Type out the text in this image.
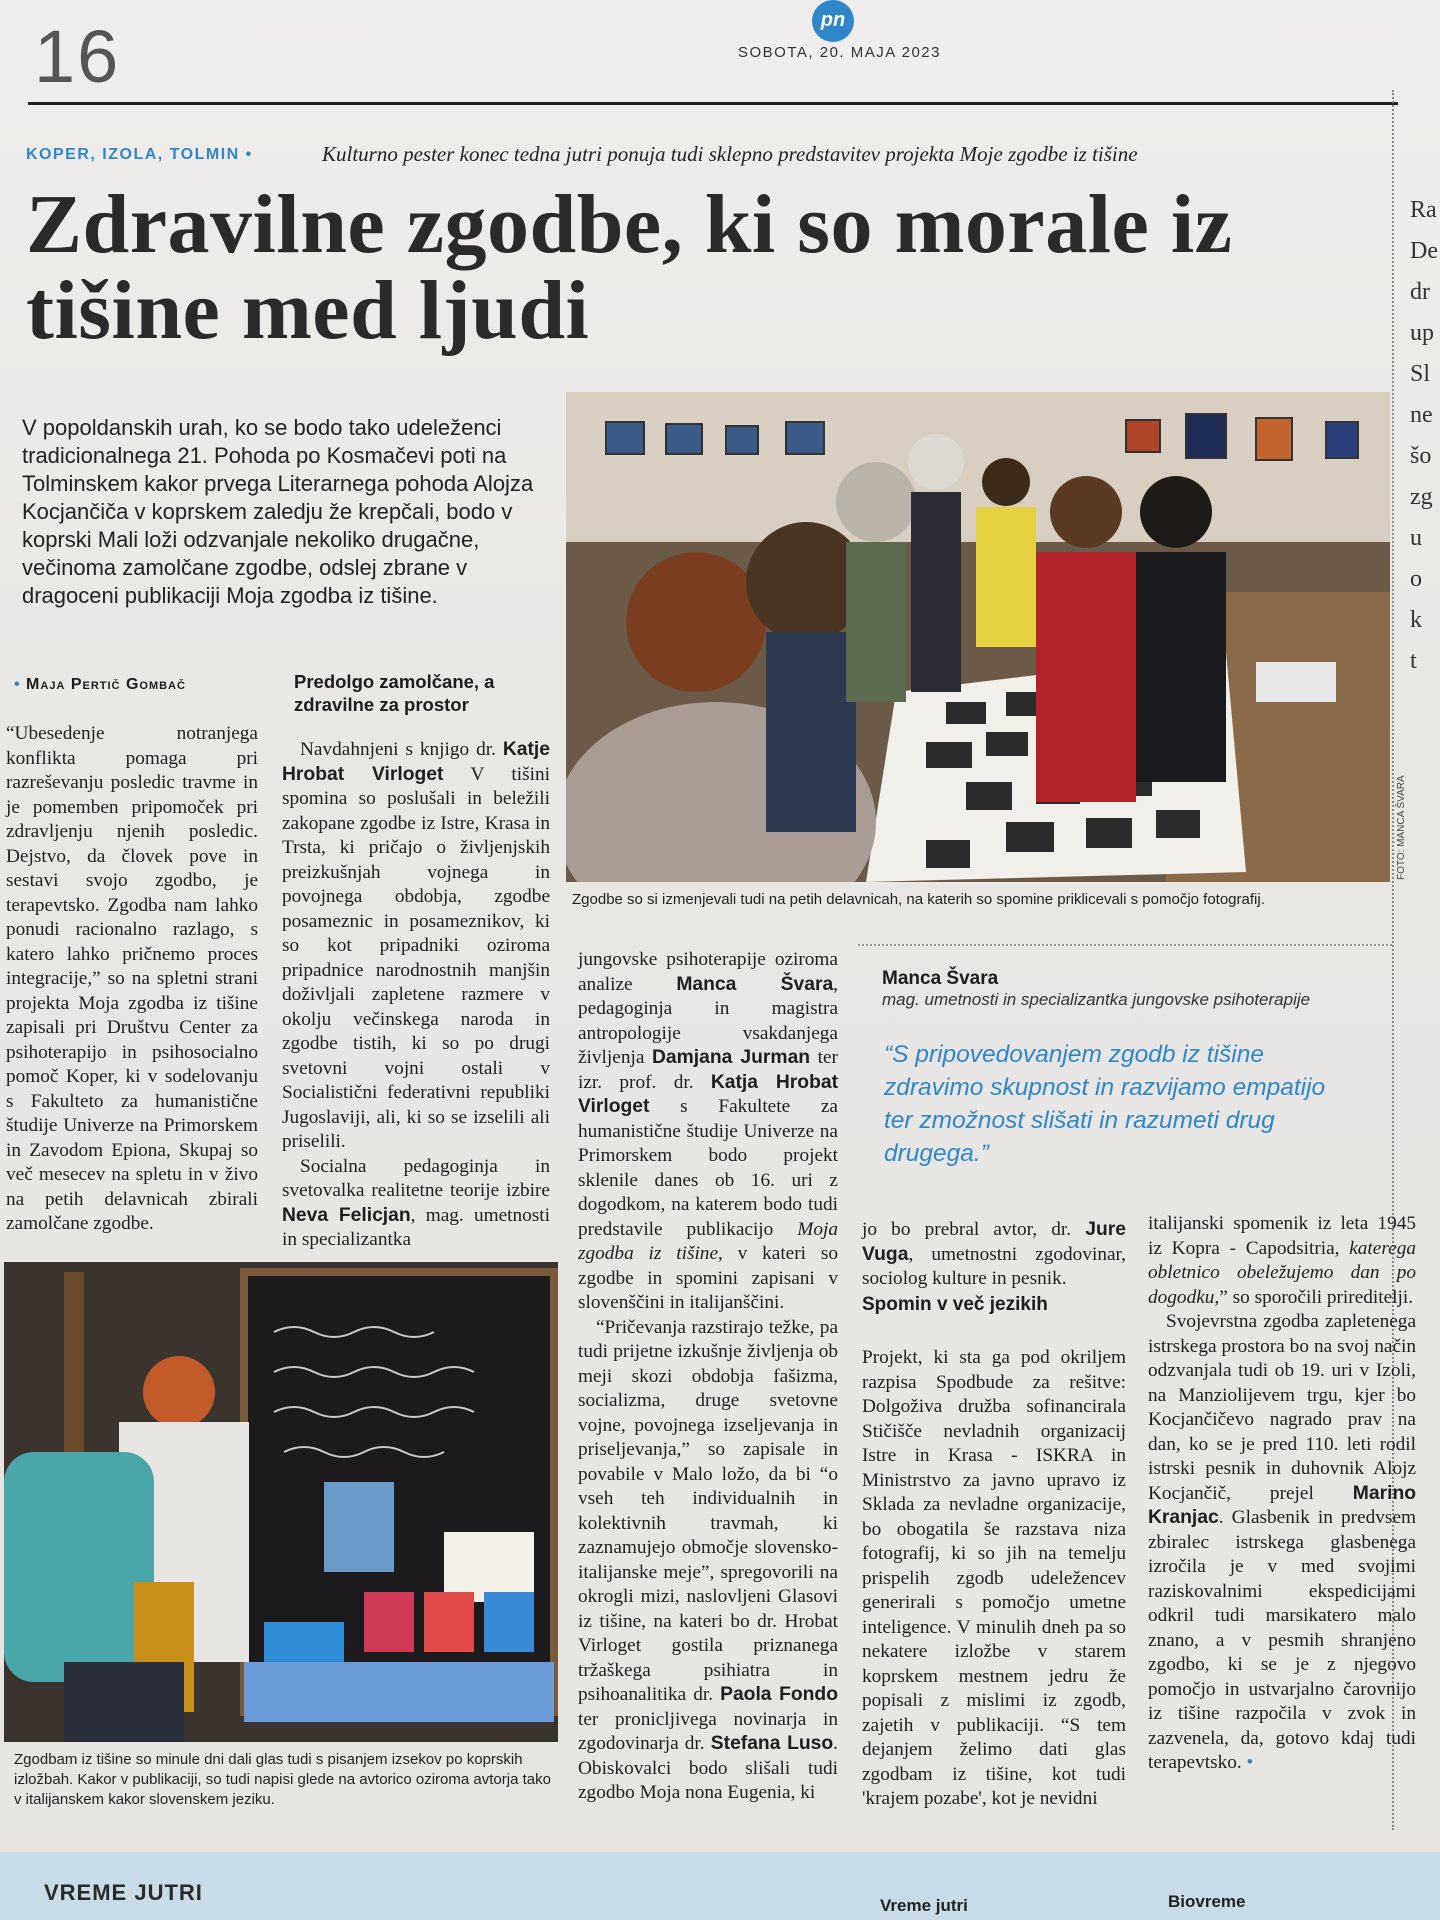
16	pn
SOBOTA, 20. MAJA 2023
Ra
De
dr
up
Sl
ne
šo
zg
u
o
k
t
KOPER, IZOLA, TOLMIN •	Kulturno pester konec tedna jutri ponuja tudi sklepno predstavitev projekta Moje zgodbe iz tišine
Zdravilne zgodbe, ki so morale iz tišine med ljudi
V popoldanskih urah, ko se bodo tako udeleženci tradicionalnega 21. Pohoda po Kosmačevi poti na Tolminskem kakor prvega Literarnega pohoda Alojza Kocjančiča v koprskem zaledju že krepčali, bodo v koprski Mali loži odzvanjale nekoliko drugačne, večinoma zamolčane zgodbe, odslej zbrane v dragoceni publikaciji Moja zgodba iz tišine.
• Maja Pertič Gombač
“Ubesedenje notranjega konflikta pomaga pri razreševanju posledic travme in je pomemben pripomoček pri zdravljenju njenih posledic. Dejstvo, da človek pove in sestavi svojo zgodbo, je terapevtsko. Zgodba nam lahko ponudi racionalno razlago, s katero lahko pričnemo proces integracije,” so na spletni strani projekta Moja zgodba iz tišine zapisali pri Društvu Center za psihoterapijo in psihosocialno pomoč Koper, ki v sodelovanju s Fakulteto za humanistične študije Univerze na Primorskem in Zavodom Epiona, Skupaj so več mesecev na spletu in v živo na petih delavnicah zbirali zamolčane zgodbe.
Predolgo zamolčane, a zdravilne za prostor
Navdahnjeni s knjigo dr. Katje Hrobat Virloget V tišini spomina so poslušali in beležili zakopane zgodbe iz Istre, Krasa in Trsta, ki pričajo o življenjskih preizkušnjah vojnega in povojnega obdobja, zgodbe posameznic in posameznikov, ki so kot pripadniki oziroma pripadnice narodnostnih manjšin doživljali zapletene razmere v okolju večinskega naroda in zgodbe tistih, ki so po drugi svetovni vojni ostali v Socialistični federativni republiki Jugoslaviji, ali, ki so se izselili ali priselili.
Socialna pedagoginja in svetovalka realitetne teorije izbire Neva Felicjan, mag. umetnosti in specializantka
FOTO: MANCA ŠVARA
Zgodbe so si izmenjevali tudi na petih delavnicah, na katerih so spomine priklicevali s pomočjo fotografij.
Manca Švara
mag. umetnosti in specializantka jungovske psihoterapije
“S pripovedovanjem zgodb iz tišine zdravimo skupnost in razvijamo empatijo ter zmožnost slišati in razumeti drug drugega.”
jungovske psihoterapije oziroma analize Manca Švara, pedagoginja in magistra antropologije vsakdanjega življenja Damjana Jurman ter izr. prof. dr. Katja Hrobat Virloget s Fakultete za humanistične študije Univerze na Primorskem bodo projekt sklenile danes ob 16. uri z dogodkom, na katerem bodo tudi predstavile publikacijo Moja zgodba iz tišine, v kateri so zgodbe in spomini zapisani v slovenščini in italijanščini.
“Pričevanja razstirajo težke, pa tudi prijetne izkušnje življenja ob meji skozi obdobja fašizma, socializma, druge svetovne vojne, povojnega izseljevanja in priseljevanja,” so zapisale in povabile v Malo ložo, da bi “o vseh teh individualnih in kolektivnih travmah, ki zaznamujejo območje slovensko-italijanske meje”, spregovorili na okrogli mizi, naslovljeni Glasovi iz tišine, na kateri bo dr. Hrobat Virloget gostila priznanega tržaškega psihiatra in psihoanalitika dr. Paola Fondo ter pronicljivega novinarja in zgodovinarja dr. Stefana Luso. Obiskovalci bodo slišali tudi zgodbo Moja nona Eugenia, ki
jo bo prebral avtor, dr. Jure Vuga, umetnostni zgodovinar, sociolog kulture in pesnik.
Spomin v več jezikih
Projekt, ki sta ga pod okriljem razpisa Spodbude za rešitve: Dolgoživa družba sofinancirala Stičišče nevladnih organizacij Istre in Krasa - ISKRA in Ministrstvo za javno upravo iz Sklada za nevladne organizacije, bo obogatila še razstava niza fotografij, ki so jih na temelju prispelih zgodb udeležencev generirali s pomočjo umetne inteligence. V minulih dneh pa so nekatere izložbe v starem koprskem mestnem jedru že popisali z mislimi iz zgodb, zajetih v publikaciji. “S tem dejanjem želimo dati glas zgodbam iz tišine, kot tudi 'krajem pozabe', kot je nevidni
italijanski spomenik iz leta 1945 iz Kopra - Capodsitria, katerega obletnico obeležujemo dan po dogodku,” so sporočili prireditelji.
Svojevrstna zgodba zapletenega istrskega prostora bo na svoj način odzvanjala tudi ob 19. uri v Izoli, na Manziolijevem trgu, kjer bo Kocjančičevo nagrado prav na dan, ko se je pred 110. leti rodil istrski pesnik in duhovnik Alojz Kocjančič, prejel Marino Kranjac. Glasbenik in predvsem zbiralec istrskega glasbenega izročila je v med svojimi raziskovalnimi ekspedicijami odkril tudi marsikatero malo znano, a v pesmih shranjeno zgodbo, ki se je z njegovo pomočjo in ustvarjalno čarovnijo iz tišine razpočila v zvok in zazvenela, da, gotovo kdaj tudi terapevtsko. •
Zgodbam iz tišine so minule dni dali glas tudi s pisanjem izsekov po koprskih izložbah. Kakor v publikaciji, so tudi napisi glede na avtorico oziroma avtorja tako v italijanskem kakor slovenskem jeziku.
VREME JUTRI
Vreme jutri	Biovreme
